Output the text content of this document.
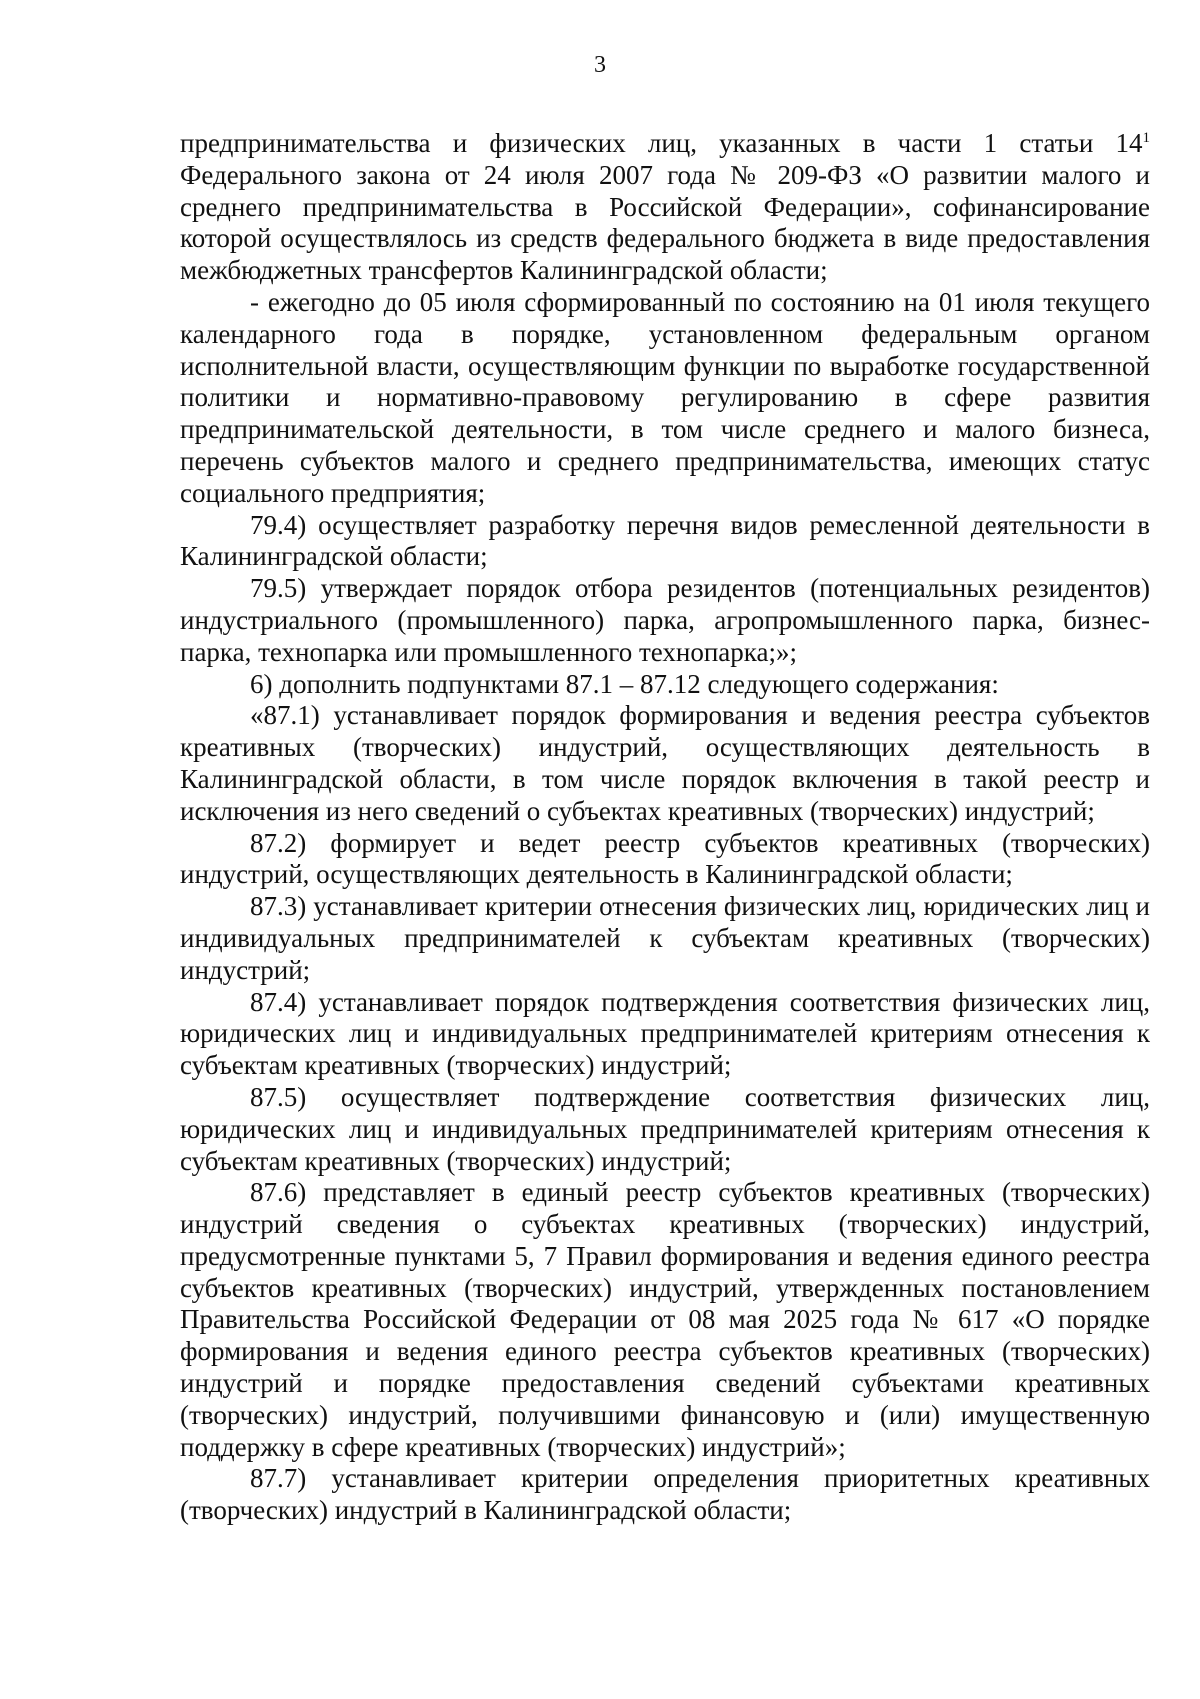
3

предпринимательства и физических лиц, указанных в части 1 статьи $14^1$ Федерального закона от 24 июля 2007 года № 209-ФЗ «О развитии малого и среднего предпринимательства в Российской Федерации», софинансирование которой осуществлялось из средств федерального бюджета в виде предоставления межбюджетных трансфертов Калининградской области;

- ежегодно до 05 июля сформированный по состоянию на 01 июля текущего календарного года в порядке, установленном федеральным органом исполнительной власти, осуществляющим функции по выработке государственной политики и нормативно-правовому регулированию в сфере развития предпринимательской деятельности, в том числе среднего и малого бизнеса, перечень субъектов малого и среднего предпринимательства, имеющих статус социального предприятия;

79.4) осуществляет разработку перечня видов ремесленной деятельности в Калининградской области;

79.5) утверждает порядок отбора резидентов (потенциальных резидентов) индустриального (промышленного) парка, агропромышленного парка, бизнес-парка, технопарка или промышленного технопарка;»;

6) дополнить подпунктами 87.1 – 87.12 следующего содержания:

«87.1) устанавливает порядок формирования и ведения реестра субъектов креативных (творческих) индустрий, осуществляющих деятельность в Калининградской области, в том числе порядок включения в такой реестр и исключения из него сведений о субъектах креативных (творческих) индустрий;

87.2) формирует и ведет реестр субъектов креативных (творческих) индустрий, осуществляющих деятельность в Калининградской области;

87.3) устанавливает критерии отнесения физических лиц, юридических лиц и индивидуальных предпринимателей к субъектам креативных (творческих) индустрий;

87.4) устанавливает порядок подтверждения соответствия физических лиц, юридических лиц и индивидуальных предпринимателей критериям отнесения к субъектам креативных (творческих) индустрий;

87.5) осуществляет подтверждение соответствия физических лиц, юридических лиц и индивидуальных предпринимателей критериям отнесения к субъектам креативных (творческих) индустрий;

87.6) представляет в единый реестр субъектов креативных (творческих) индустрий сведения о субъектах креативных (творческих) индустрий, предусмотренные пунктами 5, 7 Правил формирования и ведения единого реестра субъектов креативных (творческих) индустрий, утвержденных постановлением Правительства Российской Федерации от 08 мая 2025 года № 617 «О порядке формирования и ведения единого реестра субъектов креативных (творческих) индустрий и порядке предоставления сведений субъектами креативных (творческих) индустрий, получившими финансовую и (или) имущественную поддержку в сфере креативных (творческих) индустрий»;

87.7) устанавливает критерии определения приоритетных креативных (творческих) индустрий в Калининградской области;
